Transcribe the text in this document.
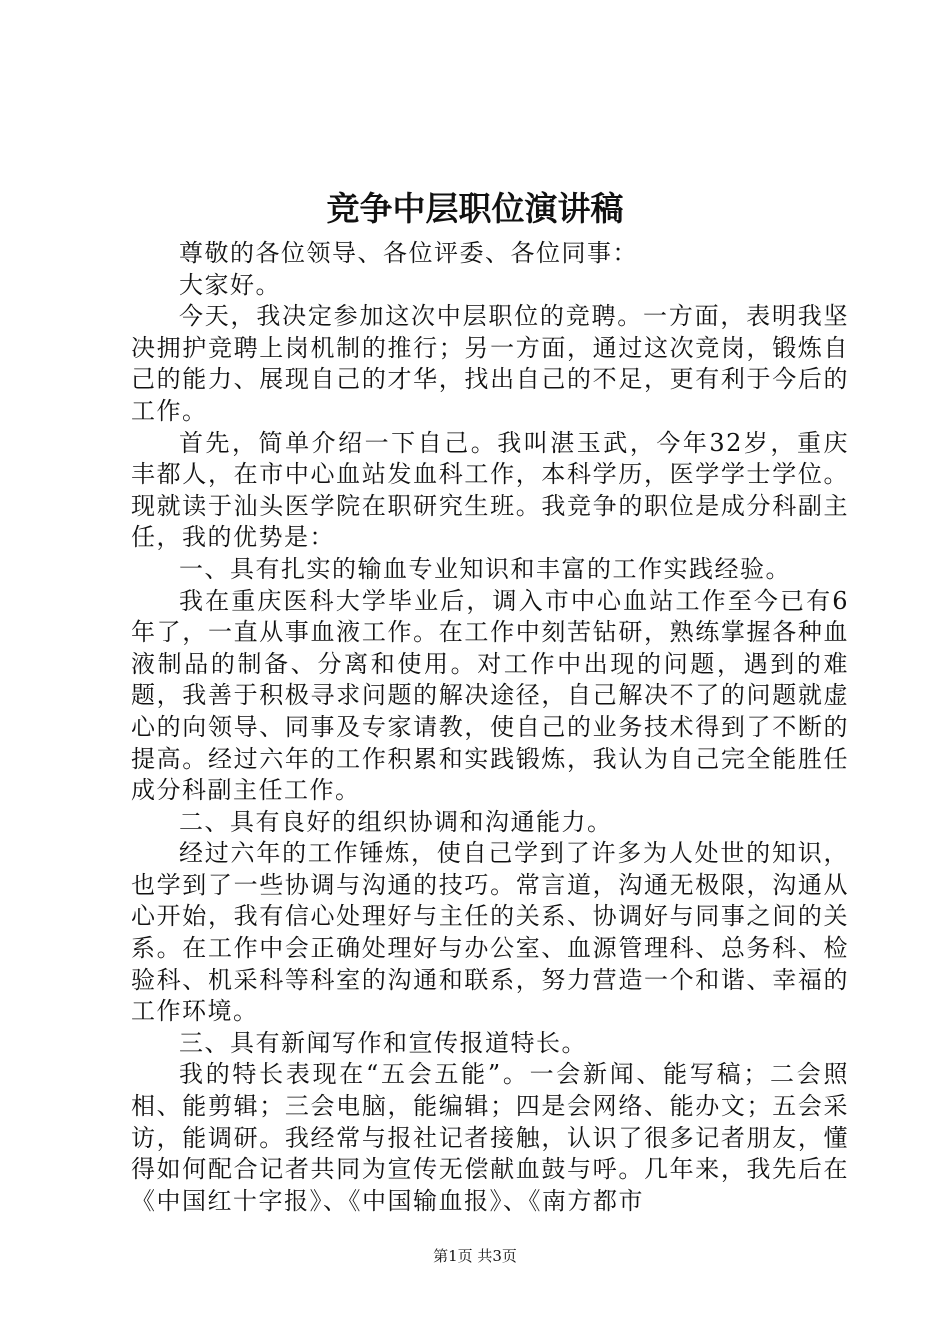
竞争中层职位演讲稿

尊敬的各位领导、各位评委、各位同事：

大家好。

今天，我决定参加这次中层职位的竞聘。一方面，表明我坚决拥护竞聘上岗机制的推行；另一方面，通过这次竞岗，锻炼自己的能力、展现自己的才华，找出自己的不足，更有利于今后的工作。

首先，简单介绍一下自己。我叫湛玉武，今年32岁，重庆丰都人，在市中心血站发血科工作，本科学历，医学学士学位。现就读于汕头医学院在职研究生班。我竞争的职位是成分科副主任，我的优势是：

一、具有扎实的输血专业知识和丰富的工作实践经验。

我在重庆医科大学毕业后，调入市中心血站工作至今已有6年了，一直从事血液工作。在工作中刻苦钻研，熟练掌握各种血液制品的制备、分离和使用。对工作中出现的问题，遇到的难题，我善于积极寻求问题的解决途径，自己解决不了的问题就虚心的向领导、同事及专家请教，使自己的业务技术得到了不断的提高。经过六年的工作积累和实践锻炼，我认为自己完全能胜任成分科副主任工作。

二、具有良好的组织协调和沟通能力。

经过六年的工作锤炼，使自己学到了许多为人处世的知识，也学到了一些协调与沟通的技巧。常言道，沟通无极限，沟通从心开始，我有信心处理好与主任的关系、协调好与同事之间的关系。在工作中会正确处理好与办公室、血源管理科、总务科、检验科、机采科等科室的沟通和联系，努力营造一个和谐、幸福的工作环境。

三、具有新闻写作和宣传报道特长。

我的特长表现在“五会五能”。一会新闻、能写稿；二会照相、能剪辑；三会电脑，能编辑；四是会网络、能办文；五会采访，能调研。我经常与报社记者接触，认识了很多记者朋友，懂得如何配合记者共同为宣传无偿献血鼓与呼。几年来，我先后在《中国红十字报》、《中国输血报》、《南方都市

第1页 共3页
